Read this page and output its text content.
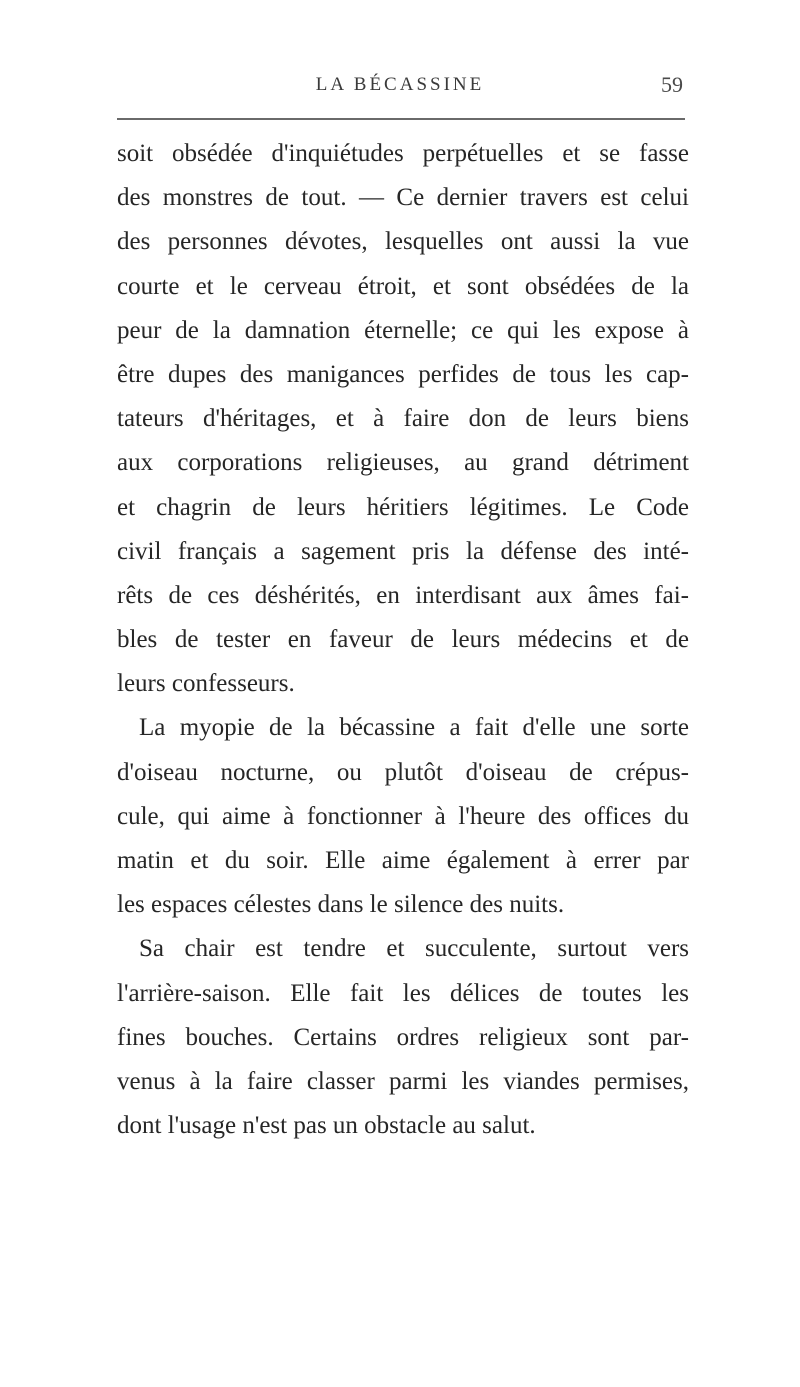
LA BÉCASSINE	59
soit obsédée d'inquiétudes perpétuelles et se fasse
des monstres de tout. — Ce dernier travers est celui
des personnes dévotes, lesquelles ont aussi la vue
courte et le cerveau étroit, et sont obsédées de la
peur de la damnation éternelle; ce qui les expose à
être dupes des manigances perfides de tous les cap-
tateurs d'héritages, et à faire don de leurs biens
aux corporations religieuses, au grand détriment
et chagrin de leurs héritiers légitimes. Le Code
civil français a sagement pris la défense des inté-
rêts de ces déshérités, en interdisant aux âmes fai-
bles de tester en faveur de leurs médecins et de
leurs confesseurs.
La myopie de la bécassine a fait d'elle une sorte
d'oiseau nocturne, ou plutôt d'oiseau de crépus-
cule, qui aime à fonctionner à l'heure des offices du
matin et du soir. Elle aime également à errer par
les espaces célestes dans le silence des nuits.
Sa chair est tendre et succulente, surtout vers
l'arrière-saison. Elle fait les délices de toutes les
fines bouches. Certains ordres religieux sont par-
venus à la faire classer parmi les viandes permises,
dont l'usage n'est pas un obstacle au salut.
